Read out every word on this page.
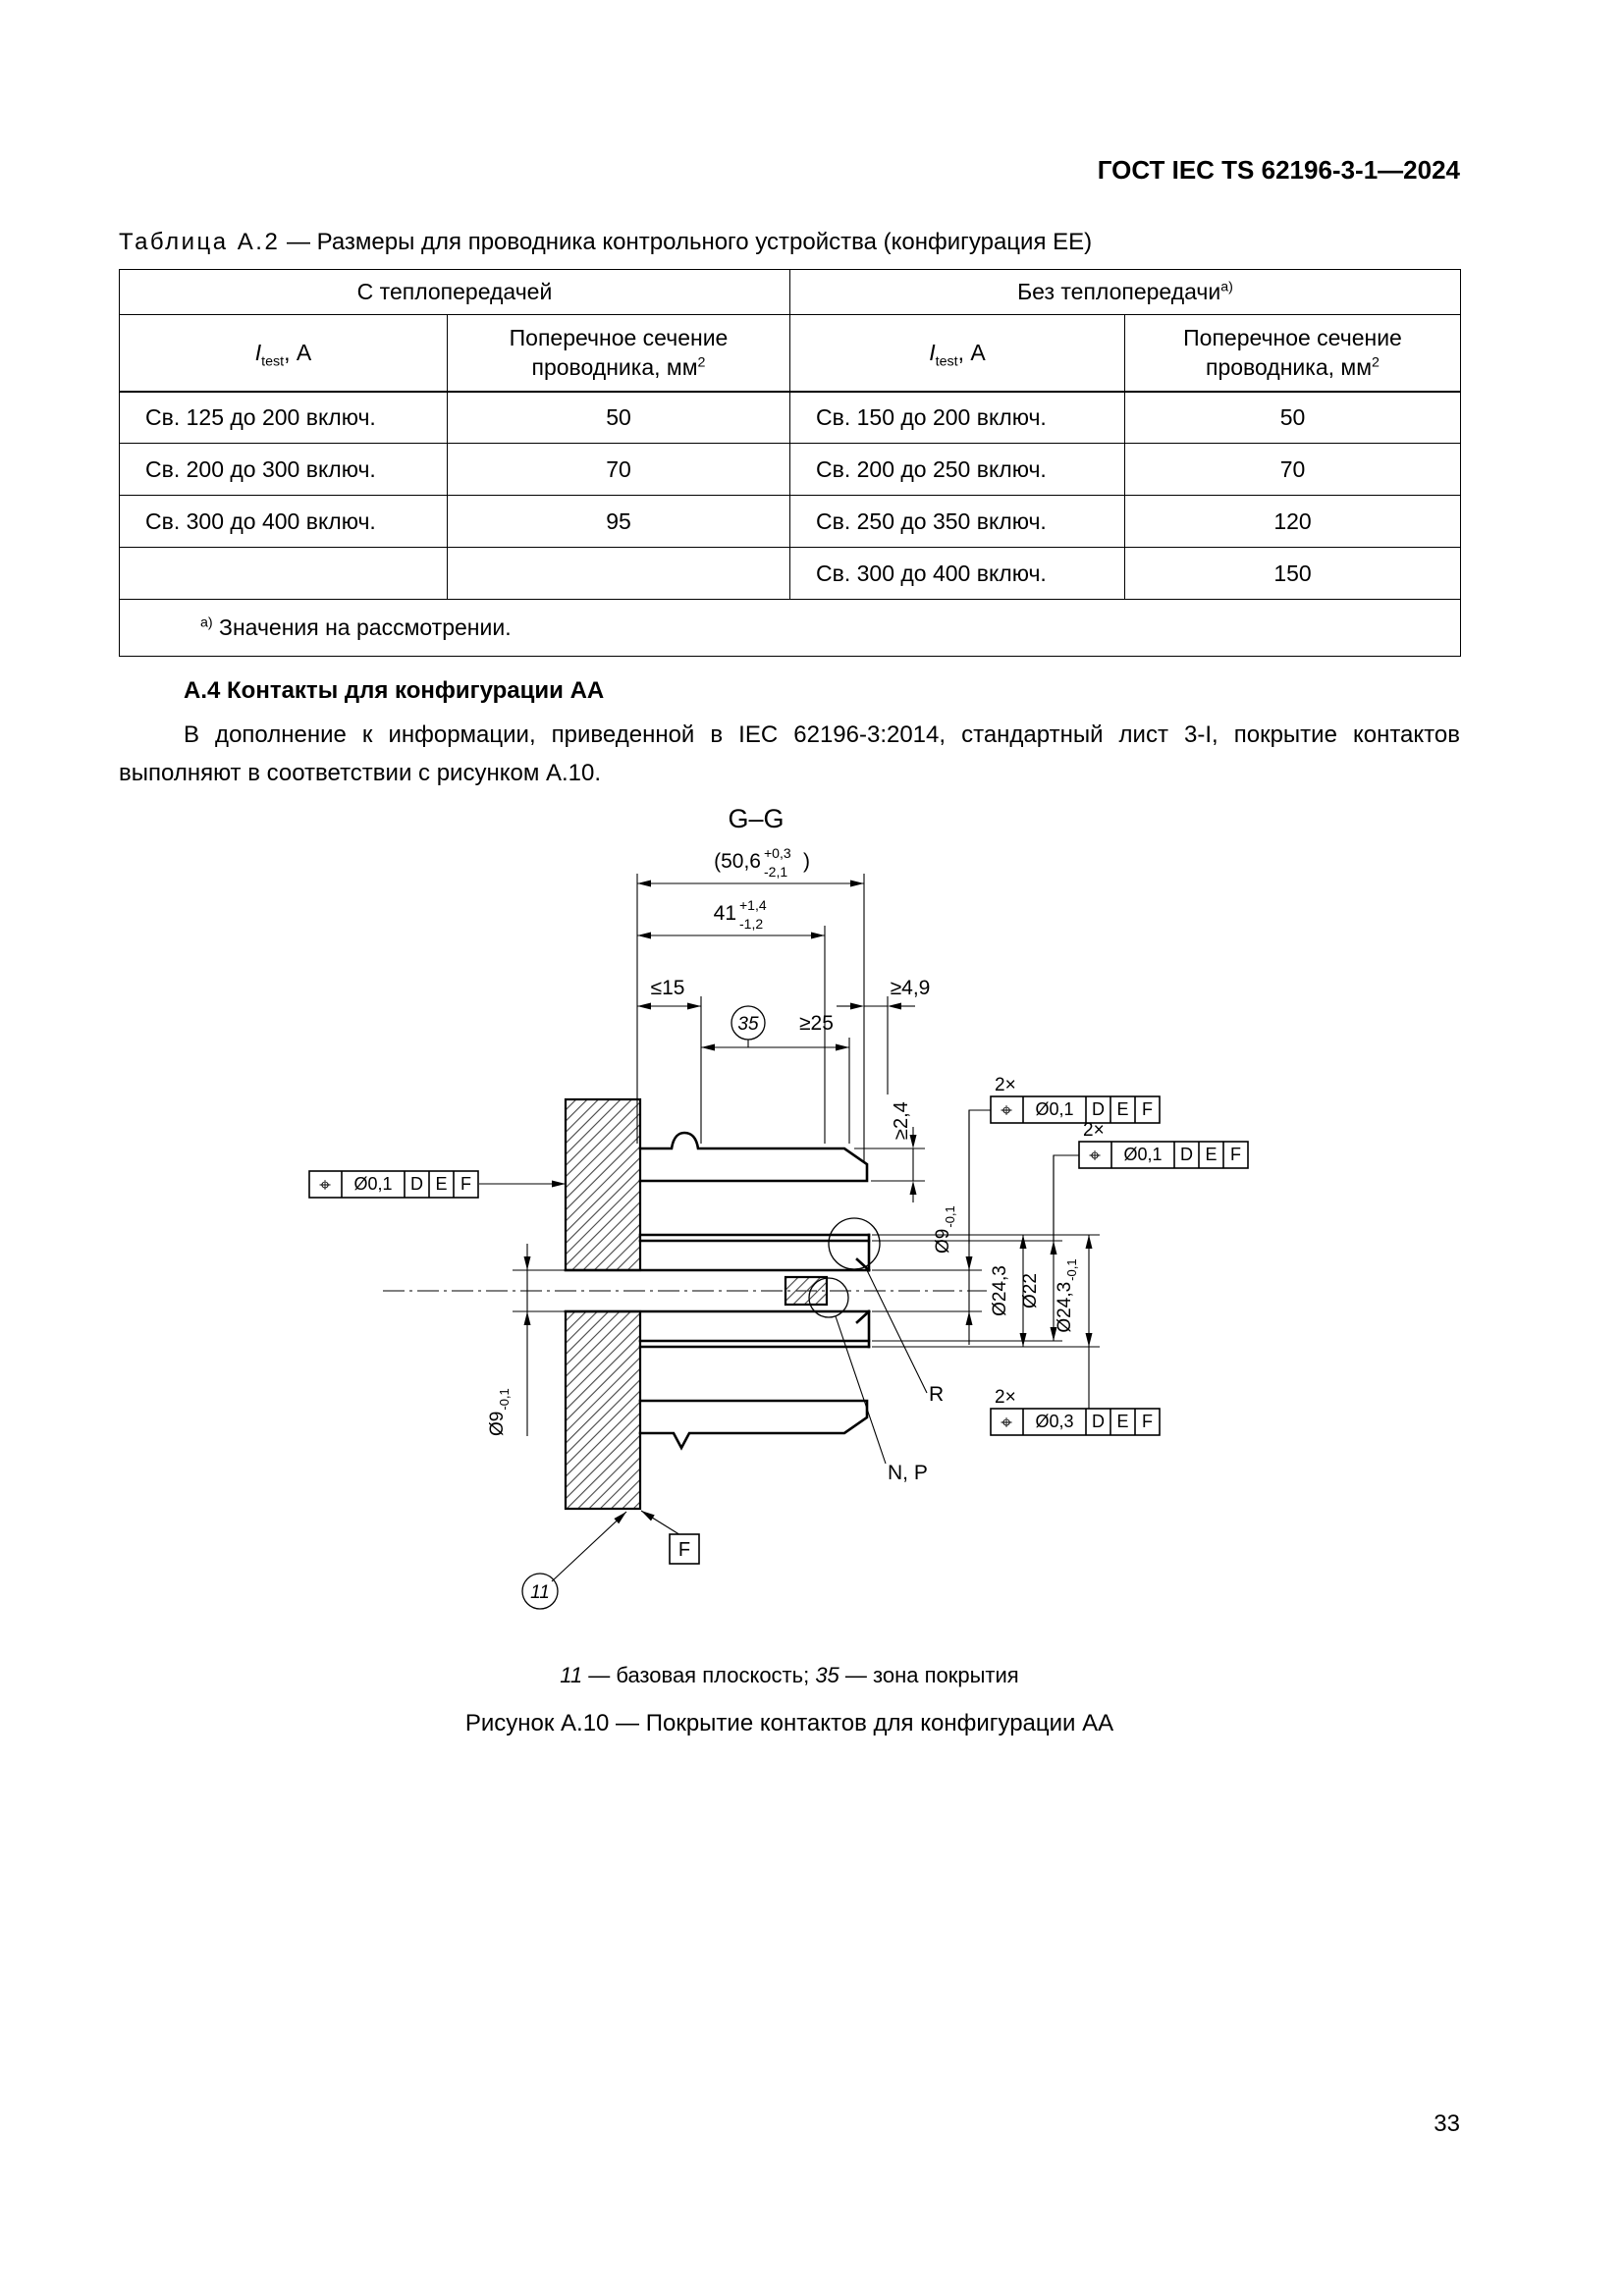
ГОСТ IEC TS 62196-3-1—2024
Таблица А.2 — Размеры для проводника контрольного устройства (конфигурация ЕЕ)
С теплопередачей		Без теплопередачи$^{а)}$
$I_{test}$, А	Поперечное сечение проводника, $мм^2$	$I_{test}$, А	Поперечное сечение проводника, $мм^2$
Св. 125 до 200 включ.	50	Св. 150 до 200 включ.	50
Св. 200 до 300 включ.	70	Св. 200 до 250 включ.	70
Св. 300 до 400 включ.	95	Св. 250 до 350 включ.	120
		Св. 300 до 400 включ.	150
$^{а)}$ Значения на рассмотрении.			
А.4 Контакты для конфигурации АА

В дополнение к информации, приведенной в IEC 62196-3:2014, стандартный лист 3-I, покрытие контактов выполняют в соответствии с рисунком А.10.

G–G
(50,6 +0,3
-2,1 )
41 +1,4
-1,2
≤15	≥4,9
35 ≥25
≥2,4
$Ø9_{-0,1}$
Ø24,3 Ø22 $Ø24,3_{-0,1}$
$Ø9_{-0,1}$
⌖ Ø0,1 D E F
2×
⌖ Ø0,1 D E F
2×
⌖ Ø0,1 D E F
2×
⌖ Ø0,3 D E F
R
N, P
F
11
11 — базовая плоскость; 35 — зона покрытия
Рисунок А.10 — Покрытие контактов для конфигурации АА
33
